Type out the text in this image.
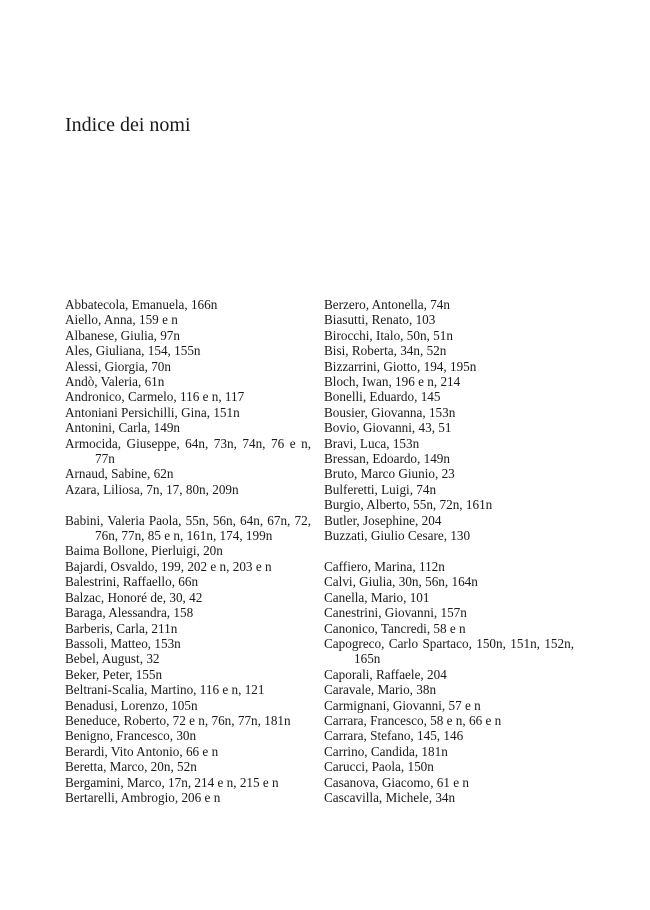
Indice dei nomi

Abbatecola, Emanuela, 166n

Aiello, Anna, 159 e n

Albanese, Giulia, 97n

Ales, Giuliana, 154, 155n

Alessi, Giorgia, 70n

Andò, Valeria, 61n

Andronico, Carmelo, 116 e n, 117

Antoniani Persichilli, Gina, 151n

Antonini, Carla, 149n

Armocida, Giuseppe, 64n, 73n, 74n, 76 e n, 77n

Arnaud, Sabine, 62n

Azara, Liliosa, 7n, 17, 80n, 209n

Babini, Valeria Paola, 55n, 56n, 64n, 67n, 72, 76n, 77n, 85 e n, 161n, 174, 199n

Baima Bollone, Pierluigi, 20n

Bajardi, Osvaldo, 199, 202 e n, 203 e n

Balestrini, Raffaello, 66n

Balzac, Honoré de, 30, 42

Baraga, Alessandra, 158

Barberis, Carla, 211n

Bassoli, Matteo, 153n

Bebel, August, 32

Beker, Peter, 155n

Beltrani-Scalia, Martino, 116 e n, 121

Benadusi, Lorenzo, 105n

Beneduce, Roberto, 72 e n, 76n, 77n, 181n

Benigno, Francesco, 30n

Berardi, Vito Antonio, 66 e n

Beretta, Marco, 20n, 52n

Bergamini, Marco, 17n, 214 e n, 215 e n

Bertarelli, Ambrogio, 206 e n

Berzero, Antonella, 74n

Biasutti, Renato, 103

Birocchi, Italo, 50n, 51n

Bisi, Roberta, 34n, 52n

Bizzarrini, Giotto, 194, 195n

Bloch, Iwan, 196 e n, 214

Bonelli, Eduardo, 145

Bousier, Giovanna, 153n

Bovio, Giovanni, 43, 51

Bravi, Luca, 153n

Bressan, Edoardo, 149n

Bruto, Marco Giunio, 23

Bulferetti, Luigi, 74n

Burgio, Alberto, 55n, 72n, 161n

Butler, Josephine, 204

Buzzati, Giulio Cesare, 130

Caffiero, Marina, 112n

Calvi, Giulia, 30n, 56n, 164n

Canella, Mario, 101

Canestrini, Giovanni, 157n

Canonico, Tancredi, 58 e n

Capogreco, Carlo Spartaco, 150n, 151n, 152n, 165n

Caporali, Raffaele, 204

Caravale, Mario, 38n

Carmignani, Giovanni, 57 e n

Carrara, Francesco, 58 e n, 66 e n

Carrara, Stefano, 145, 146

Carrino, Candida, 181n

Carucci, Paola, 150n

Casanova, Giacomo, 61 e n

Cascavilla, Michele, 34n
